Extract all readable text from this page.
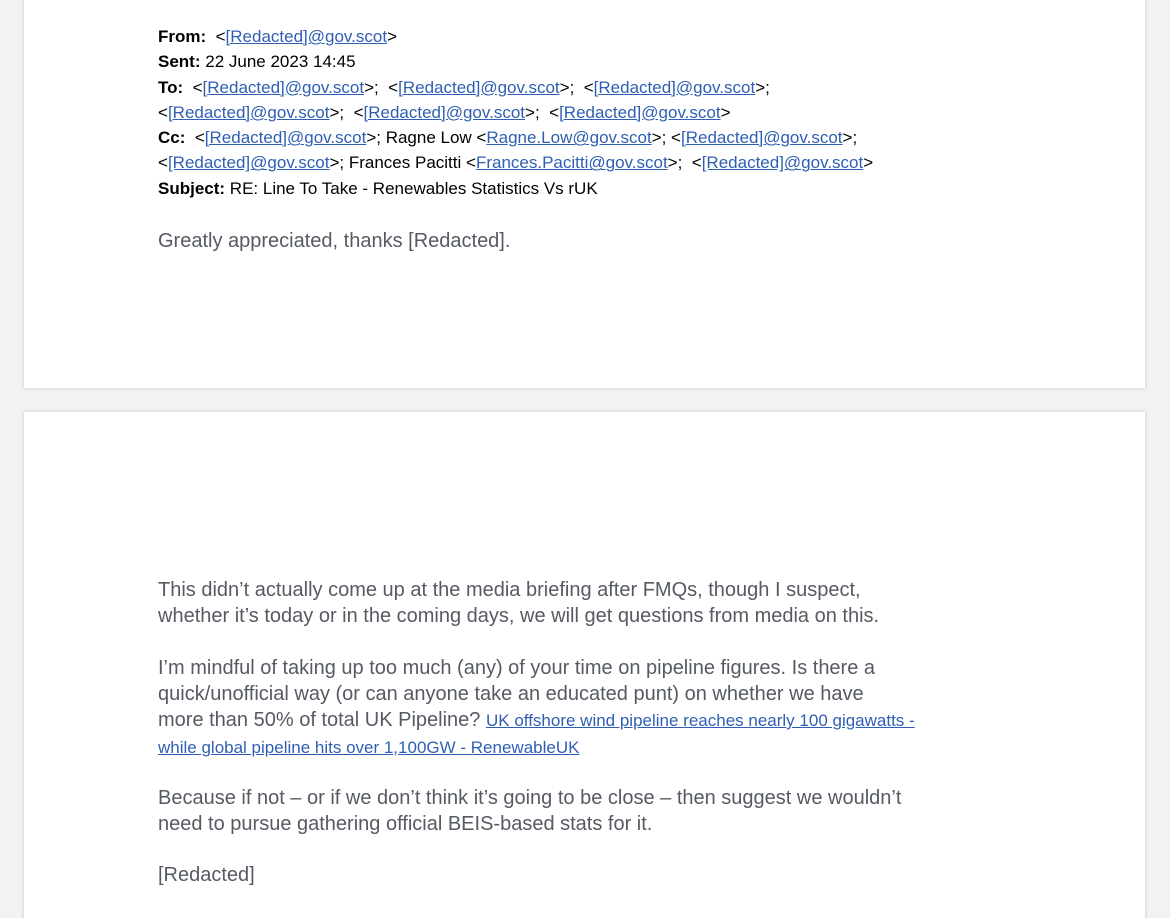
From:  <[Redacted]@gov.scot>
Sent: 22 June 2023 14:45
To:  <[Redacted]@gov.scot>;  <[Redacted]@gov.scot>;  <[Redacted]@gov.scot>;
<[Redacted]@gov.scot>;  <[Redacted]@gov.scot>;  <[Redacted]@gov.scot>
Cc:  <[Redacted]@gov.scot>; Ragne Low <Ragne.Low@gov.scot>; <[Redacted]@gov.scot>;
<[Redacted]@gov.scot>; Frances Pacitti <Frances.Pacitti@gov.scot>;  <[Redacted]@gov.scot>
Subject: RE: Line To Take - Renewables Statistics Vs rUK

Greatly appreciated, thanks [Redacted].

This didn’t actually come up at the media briefing after FMQs, though I suspect,
whether it’s today or in the coming days, we will get questions from media on this.

I’m mindful of taking up too much (any) of your time on pipeline figures. Is there a
quick/unofficial way (or can anyone take an educated punt) on whether we have
more than 50% of total UK Pipeline? UK offshore wind pipeline reaches nearly 100 gigawatts -
while global pipeline hits over 1,100GW - RenewableUK

Because if not – or if we don’t think it’s going to be close – then suggest we wouldn’t
need to pursue gathering official BEIS-based stats for it.

[Redacted]
